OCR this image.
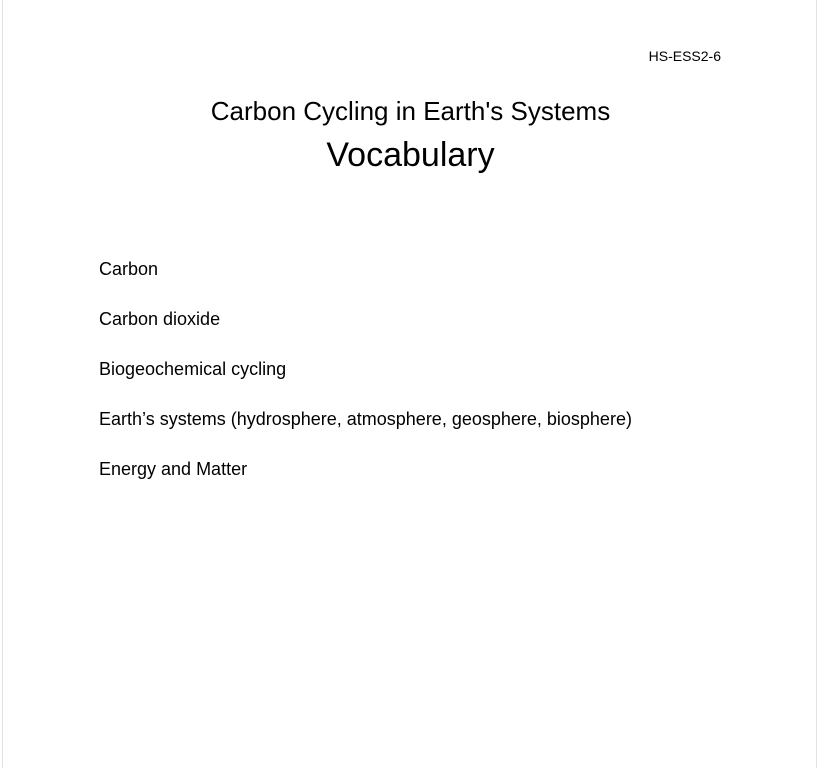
HS-ESS2-6
Carbon Cycling in Earth's Systems
Vocabulary
Carbon
Carbon dioxide
Biogeochemical cycling
Earth’s systems (hydrosphere, atmosphere, geosphere, biosphere)
Energy and Matter
